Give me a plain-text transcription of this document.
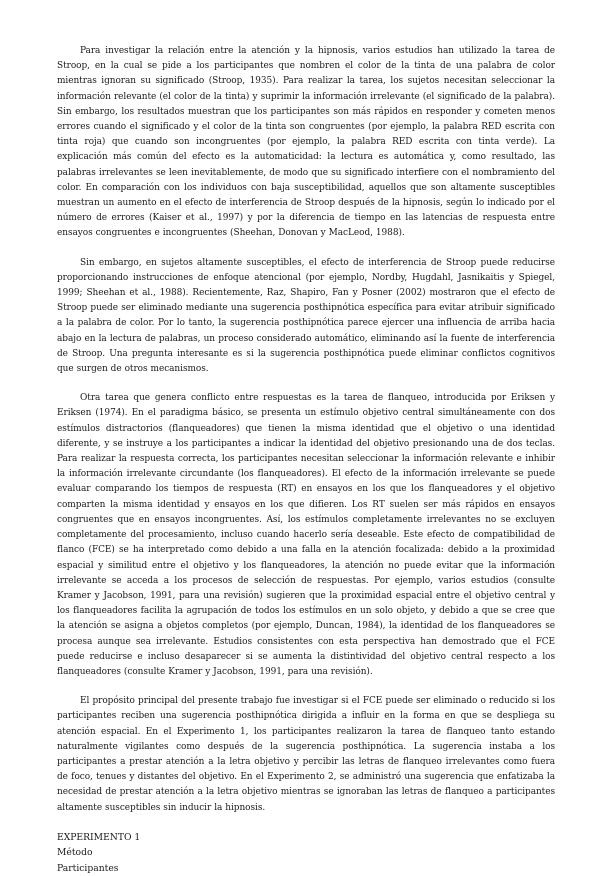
Para investigar la relación entre la atención y la hipnosis, varios estudios han utilizado la tarea de Stroop, en la cual se pide a los participantes que nombren el color de la tinta de una palabra de color mientras ignoran su significado (Stroop, 1935). Para realizar la tarea, los sujetos necesitan seleccionar la información relevante (el color de la tinta) y suprimir la información irrelevante (el significado de la palabra). Sin embargo, los resultados muestran que los participantes son más rápidos en responder y cometen menos errores cuando el significado y el color de la tinta son congruentes (por ejemplo, la palabra RED escrita con tinta roja) que cuando son incongruentes (por ejemplo, la palabra RED escrita con tinta verde). La explicación más común del efecto es la automaticidad: la lectura es automática y, como resultado, las palabras irrelevantes se leen inevitablemente, de modo que su significado interfiere con el nombramiento del color. En comparación con los individuos con baja susceptibilidad, aquellos que son altamente susceptibles muestran un aumento en el efecto de interferencia de Stroop después de la hipnosis, según lo indicado por el número de errores (Kaiser et al., 1997) y por la diferencia de tiempo en las latencias de respuesta entre ensayos congruentes e incongruentes (Sheehan, Donovan y MacLeod, 1988).

Sin embargo, en sujetos altamente susceptibles, el efecto de interferencia de Stroop puede reducirse proporcionando instrucciones de enfoque atencional (por ejemplo, Nordby, Hugdahl, Jasnikaitis y Spiegel, 1999; Sheehan et al., 1988). Recientemente, Raz, Shapiro, Fan y Posner (2002) mostraron que el efecto de Stroop puede ser eliminado mediante una sugerencia posthipnótica específica para evitar atribuir significado a la palabra de color. Por lo tanto, la sugerencia posthipnótica parece ejercer una influencia de arriba hacia abajo en la lectura de palabras, un proceso considerado automático, eliminando así la fuente de interferencia de Stroop. Una pregunta interesante es si la sugerencia posthipnótica puede eliminar conflictos cognitivos que surgen de otros mecanismos.

Otra tarea que genera conflicto entre respuestas es la tarea de flanqueo, introducida por Eriksen y Eriksen (1974). En el paradigma básico, se presenta un estímulo objetivo central simultáneamente con dos estímulos distractorios (flanqueadores) que tienen la misma identidad que el objetivo o una identidad diferente, y se instruye a los participantes a indicar la identidad del objetivo presionando una de dos teclas. Para realizar la respuesta correcta, los participantes necesitan seleccionar la información relevante e inhibir la información irrelevante circundante (los flanqueadores). El efecto de la información irrelevante se puede evaluar comparando los tiempos de respuesta (RT) en ensayos en los que los flanqueadores y el objetivo comparten la misma identidad y ensayos en los que difieren. Los RT suelen ser más rápidos en ensayos congruentes que en ensayos incongruentes. Así, los estímulos completamente irrelevantes no se excluyen completamente del procesamiento, incluso cuando hacerlo sería deseable. Este efecto de compatibilidad de flanco (FCE) se ha interpretado como debido a una falla en la atención focalizada: debido a la proximidad espacial y similitud entre el objetivo y los flanqueadores, la atención no puede evitar que la información irrelevante se acceda a los procesos de selección de respuestas. Por ejemplo, varios estudios (consulte Kramer y Jacobson, 1991, para una revisión) sugieren que la proximidad espacial entre el objetivo central y los flanqueadores facilita la agrupación de todos los estímulos en un solo objeto, y debido a que se cree que la atención se asigna a objetos completos (por ejemplo, Duncan, 1984), la identidad de los flanqueadores se procesa aunque sea irrelevante. Estudios consistentes con esta perspectiva han demostrado que el FCE puede reducirse e incluso desaparecer si se aumenta la distintividad del objetivo central respecto a los flanqueadores (consulte Kramer y Jacobson, 1991, para una revisión).

El propósito principal del presente trabajo fue investigar si el FCE puede ser eliminado o reducido si los participantes reciben una sugerencia posthipnótica dirigida a influir en la forma en que se despliega su atención espacial. En el Experimento 1, los participantes realizaron la tarea de flanqueo tanto estando naturalmente vigilantes como después de la sugerencia posthipnótica. La sugerencia instaba a los participantes a prestar atención a la letra objetivo y percibir las letras de flanqueo irrelevantes como fuera de foco, tenues y distantes del objetivo. En el Experimento 2, se administró una sugerencia que enfatizaba la necesidad de prestar atención a la letra objetivo mientras se ignoraban las letras de flanqueo a participantes altamente susceptibles sin inducir la hipnosis.

EXPERIMENTO 1
Método
Participantes
